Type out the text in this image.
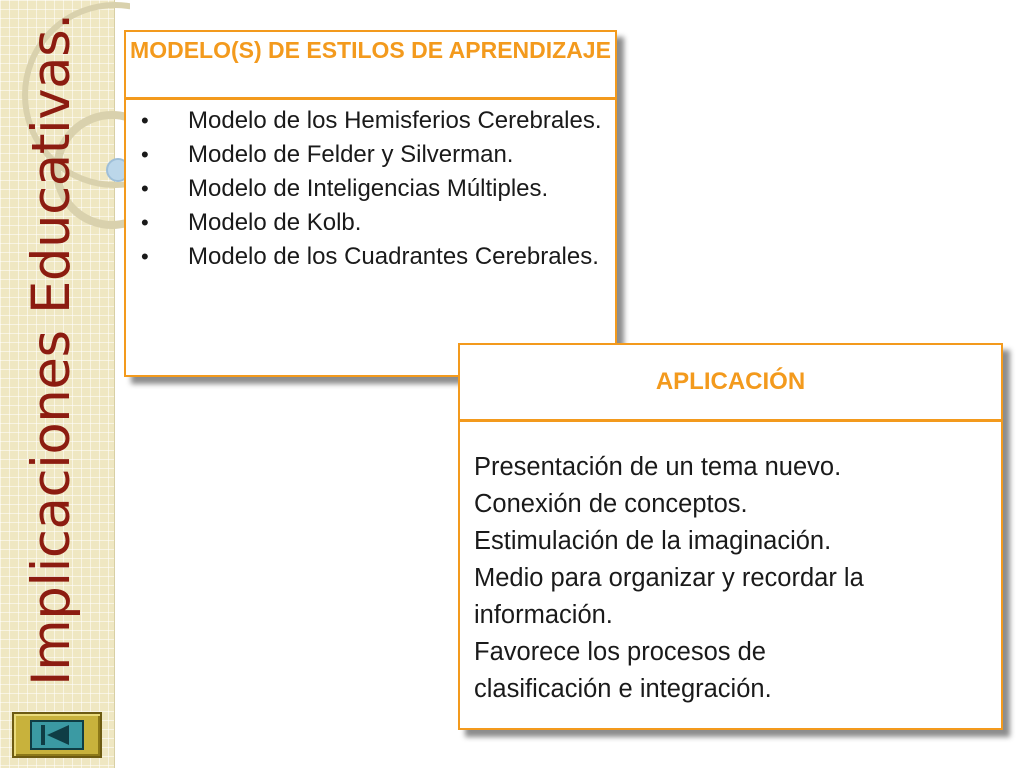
Implicaciones Educativas. MODELO(S) DE ESTILOS DE APRENDIZAJE
• Modelo de los Hemisferios Cerebrales.
• Modelo de Felder y Silverman.
• Modelo de Inteligencias Múltiples.
• Modelo de Kolb.
• Modelo de los Cuadrantes Cerebrales.
APLICACIÓN
Presentación de un tema nuevo.
Conexión de conceptos.
Estimulación de la imaginación.
Medio para organizar y recordar la
información.
Favorece los procesos de
clasificación e integración.
